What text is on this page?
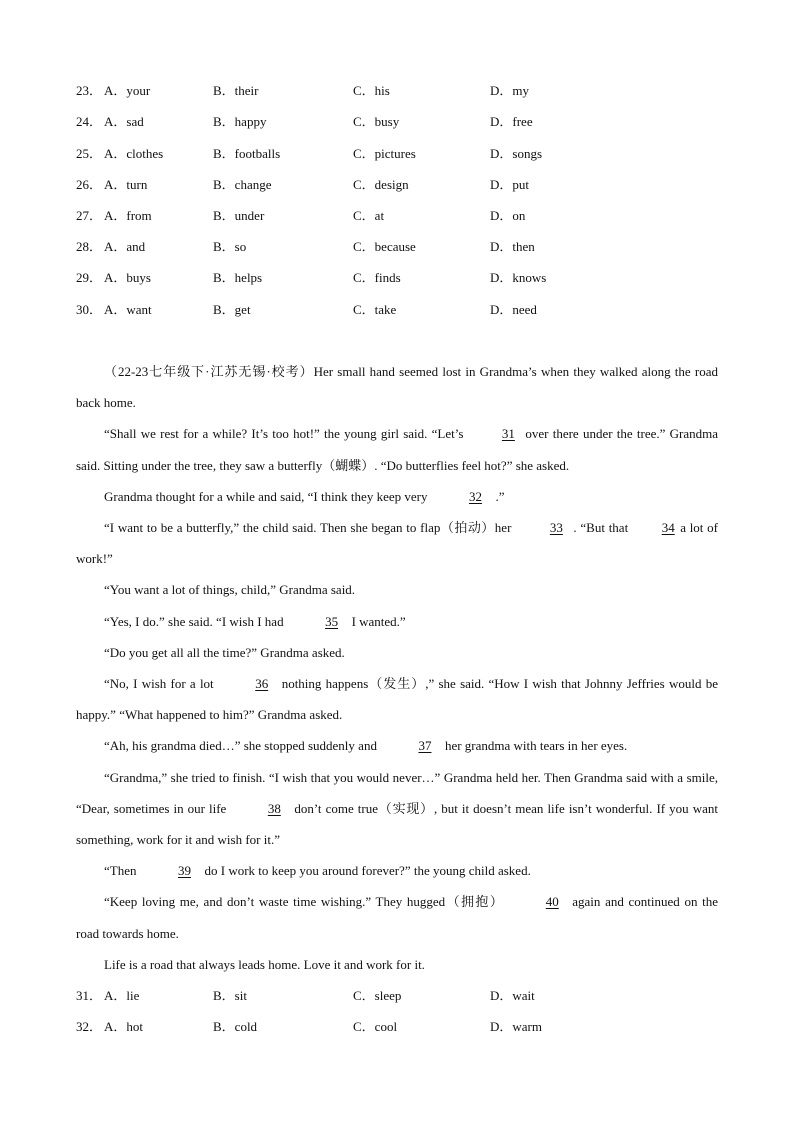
23． A．your	B．their	C．his	D．my
24． A．sad	B．happy	C．busy	D．free
25． A．clothes	B．footballs	C．pictures	D．songs
26． A．turn	B．change	C．design	D．put
27． A．from	B．under	C．at	D．on
28． A．and	B．so	C．because	D．then
29． A．buys	B．helps	C．finds	D．knows
30． A．want	B．get	C．take	D．need

（22-23七年级下·江苏无锡·校考）Her small hand seemed lost in Grandma’s when they walked along the road back home.

“Shall we rest for a while? It’s too hot!” the young girl said. “Let’s	31 over there under the tree.” Grandma said. Sitting under the tree, they saw a butterfly（蝴蝶）. “Do butterflies feel hot?” she asked.

Grandma thought for a while and said, “I think they keep very	32 .”

“I want to be a butterfly,” the child said. Then she began to flap（拍动）her	33 . “But that	34 a lot of work!”

“You want a lot of things, child,” Grandma said.

“Yes, I do.” she said. “I wish I had	35 I wanted.”

“Do you get all all the time?” Grandma asked.

“No, I wish for a lot	36 nothing happens（发生）,” she said. “How I wish that Johnny Jeffries would be happy.” “What happened to him?” Grandma asked.

“Ah, his grandma died…” she stopped suddenly and	37 her grandma with tears in her eyes.

“Grandma,” she tried to finish. “I wish that you would never…” Grandma held her. Then Grandma said with a smile, “Dear, sometimes in our life	38 don’t come true（实现）, but it doesn’t mean life isn’t wonderful. If you want something, work for it and wish for it.”

“Then	39 do I work to keep you around forever?” the young child asked.

“Keep loving me, and don’t waste time wishing.” They hugged（拥抱）	40 again and continued on the road towards home.

Life is a road that always leads home. Love it and work for it.

31． A．lie	B．sit	C．sleep	D．wait
32． A．hot	B．cold	C．cool	D．warm
